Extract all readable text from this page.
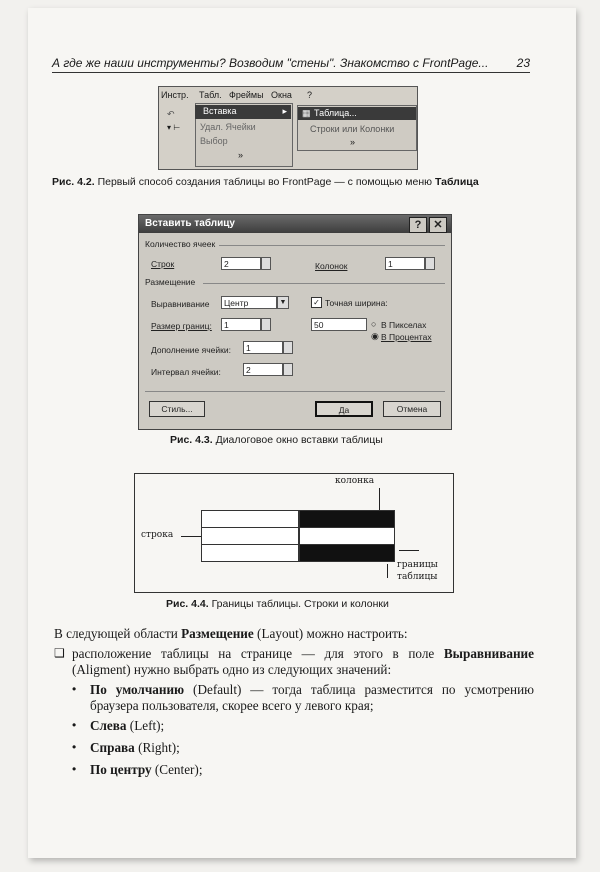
А где же наши инструменты? Возводим "стены". Знакомство с FrontPage... 23
Инстр. Табл. Фреймы Окна ?
↶
▾ ⊢ Удал. Ячейки
Выбор
»
Вставка	▸ ▦ Таблица...
Строки или Колонки
»
Рис. 4.2. Первый способ создания таблицы во FrontPage — с помощью меню Таблица
Вставить таблицу	?	✕
Количество ячеек
Строк	2	Колонок	1
Размещение
Выравнивание	Центр	▼	✓ Точная ширина:
Размер границ:	1	50	○ В Пикселах
◉ В Процентах
Дополнение ячейки:	1
Интервал ячейки:	2
Стиль...	Да	Отмена
Рис. 4.3. Диалоговое окно вставки таблицы
колонка
строка
границы
таблицы
Рис. 4.4. Границы таблицы. Строки и колонки
В следующей области Размещение (Layout) можно настроить:
❑ расположение таблицы на странице — для этого в поле Выравнивание (Aligment) нужно выбрать одно из следующих значений:
• По умолчанию (Default) — тогда таблица разместится по усмотрению браузера пользователя, скорее всего у левого края;
• Слева (Left);
• Справа (Right);
• По центру (Center);
